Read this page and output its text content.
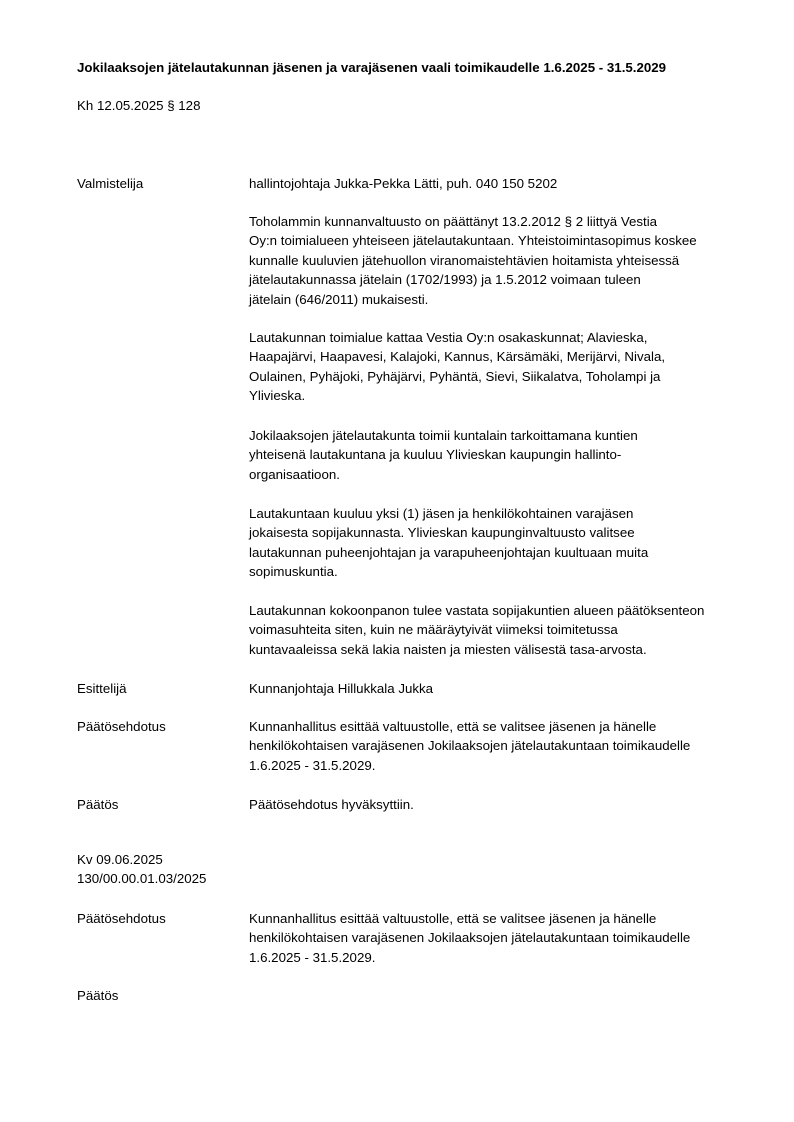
Jokilaaksojen jätelautakunnan jäsenen ja varajäsenen vaali toimikaudelle 1.6.2025 - 31.5.2029
Kh 12.05.2025 § 128
Valmistelija	hallintojohtaja Jukka-Pekka Lätti, puh. 040 150 5202

Toholammin kunnanvaltuusto on päättänyt 13.2.2012 § 2 liittyä Vestia

Oy:n toimialueen yhteiseen jätelautakuntaan. Yhteistoimintasopimus koskee

kunnalle kuuluvien jätehuollon viranomaistehtävien hoitamista yhteisessä

jätelautakunnassa jätelain (1702/1993) ja 1.5.2012 voimaan tuleen

jätelain (646/2011) mukaisesti.

Lautakunnan toimialue kattaa Vestia Oy:n osakaskunnat; Alavieska,

Haapajärvi, Haapavesi, Kalajoki, Kannus, Kärsämäki, Merijärvi, Nivala,

Oulainen, Pyhäjoki, Pyhäjärvi, Pyhäntä, Sievi, Siikalatva, Toholampi ja

Ylivieska.

Jokilaaksojen jätelautakunta toimii kuntalain tarkoittamana kuntien

yhteisenä lautakuntana ja kuuluu Ylivieskan kaupungin hallinto-

organisaatioon.

Lautakuntaan kuuluu yksi (1) jäsen ja henkilökohtainen varajäsen

jokaisesta sopijakunnasta. Ylivieskan kaupunginvaltuusto valitsee

lautakunnan puheenjohtajan ja varapuheenjohtajan kuultuaan muita

sopimuskuntia.

Lautakunnan kokoonpanon tulee vastata sopijakuntien alueen päätöksenteon

voimasuhteita siten, kuin ne määräytyivät viimeksi toimitetussa

kuntavaaleissa sekä lakia naisten ja miesten välisestä tasa-arvosta.

Esittelijä	Kunnanjohtaja Hillukkala Jukka
Päätösehdotus	Kunnanhallitus esittää valtuustolle, että se valitsee jäsenen ja hänelle

henkilökohtaisen varajäsenen Jokilaaksojen jätelautakuntaan toimikaudelle

1.6.2025 - 31.5.2029.

Päätös	Päätösehdotus hyväksyttiin.
Kv 09.06.2025
130/00.00.01.03/2025
Päätösehdotus	Kunnanhallitus esittää valtuustolle, että se valitsee jäsenen ja hänelle

henkilökohtaisen varajäsenen Jokilaaksojen jätelautakuntaan toimikaudelle

1.6.2025 - 31.5.2029.

Päätös
